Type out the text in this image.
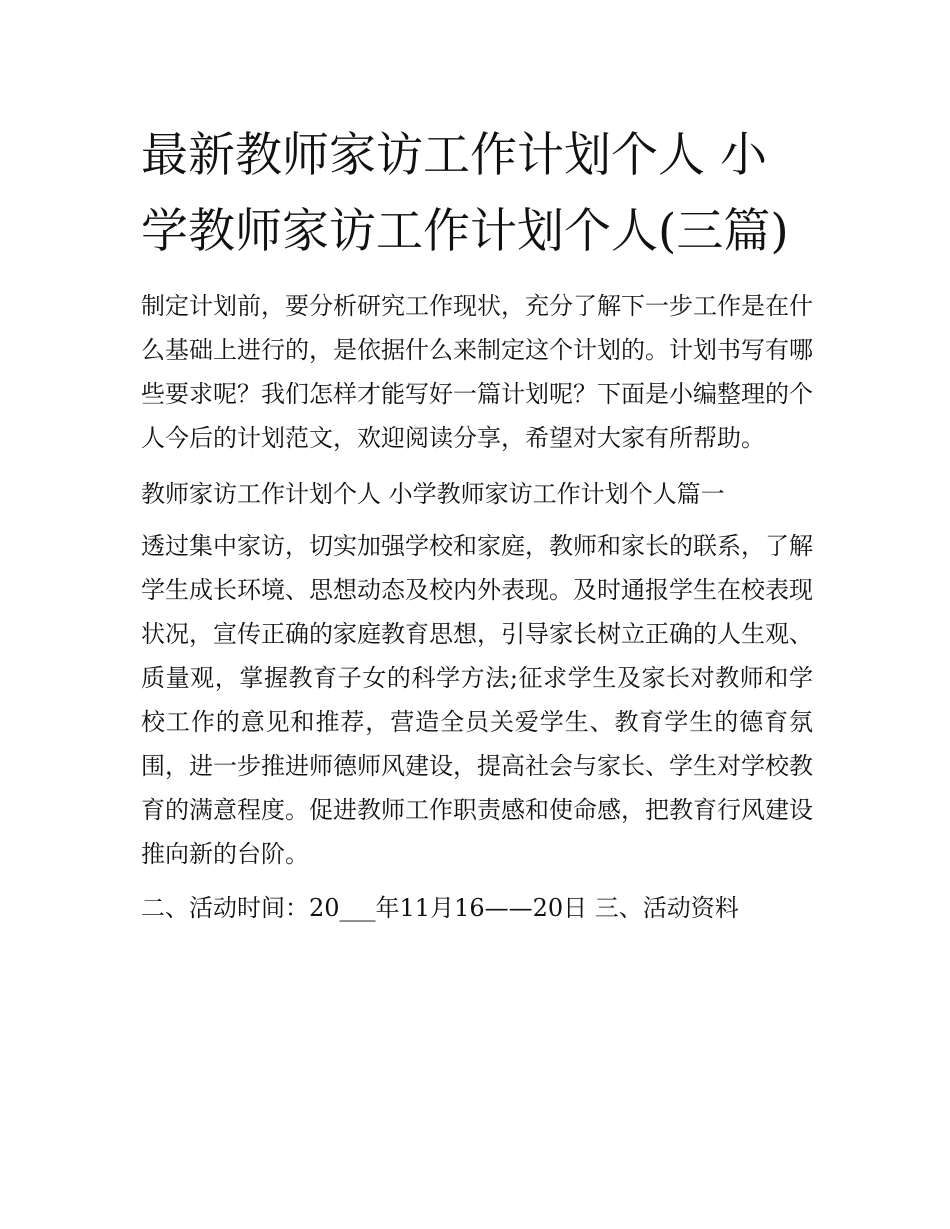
最新教师家访工作计划个人 小学教师家访工作计划个人(三篇)

制定计划前，要分析研究工作现状，充分了解下一步工作是在什么基础上进行的，是依据什么来制定这个计划的。计划书写有哪些要求呢？我们怎样才能写好一篇计划呢？下面是小编整理的个人今后的计划范文，欢迎阅读分享，希望对大家有所帮助。

教师家访工作计划个人 小学教师家访工作计划个人篇一

透过集中家访，切实加强学校和家庭，教师和家长的联系，了解学生成长环境、思想动态及校内外表现。及时通报学生在校表现状况，宣传正确的家庭教育思想，引导家长树立正确的人生观、质量观，掌握教育子女的科学方法;征求学生及家长对教师和学校工作的意见和推荐，营造全员关爱学生、教育学生的德育氛围，进一步推进师德师风建设，提高社会与家长、学生对学校教育的满意程度。促进教师工作职责感和使命感，把教育行风建设推向新的台阶。

二、活动时间：20___年11月16——20日 三、活动资料
